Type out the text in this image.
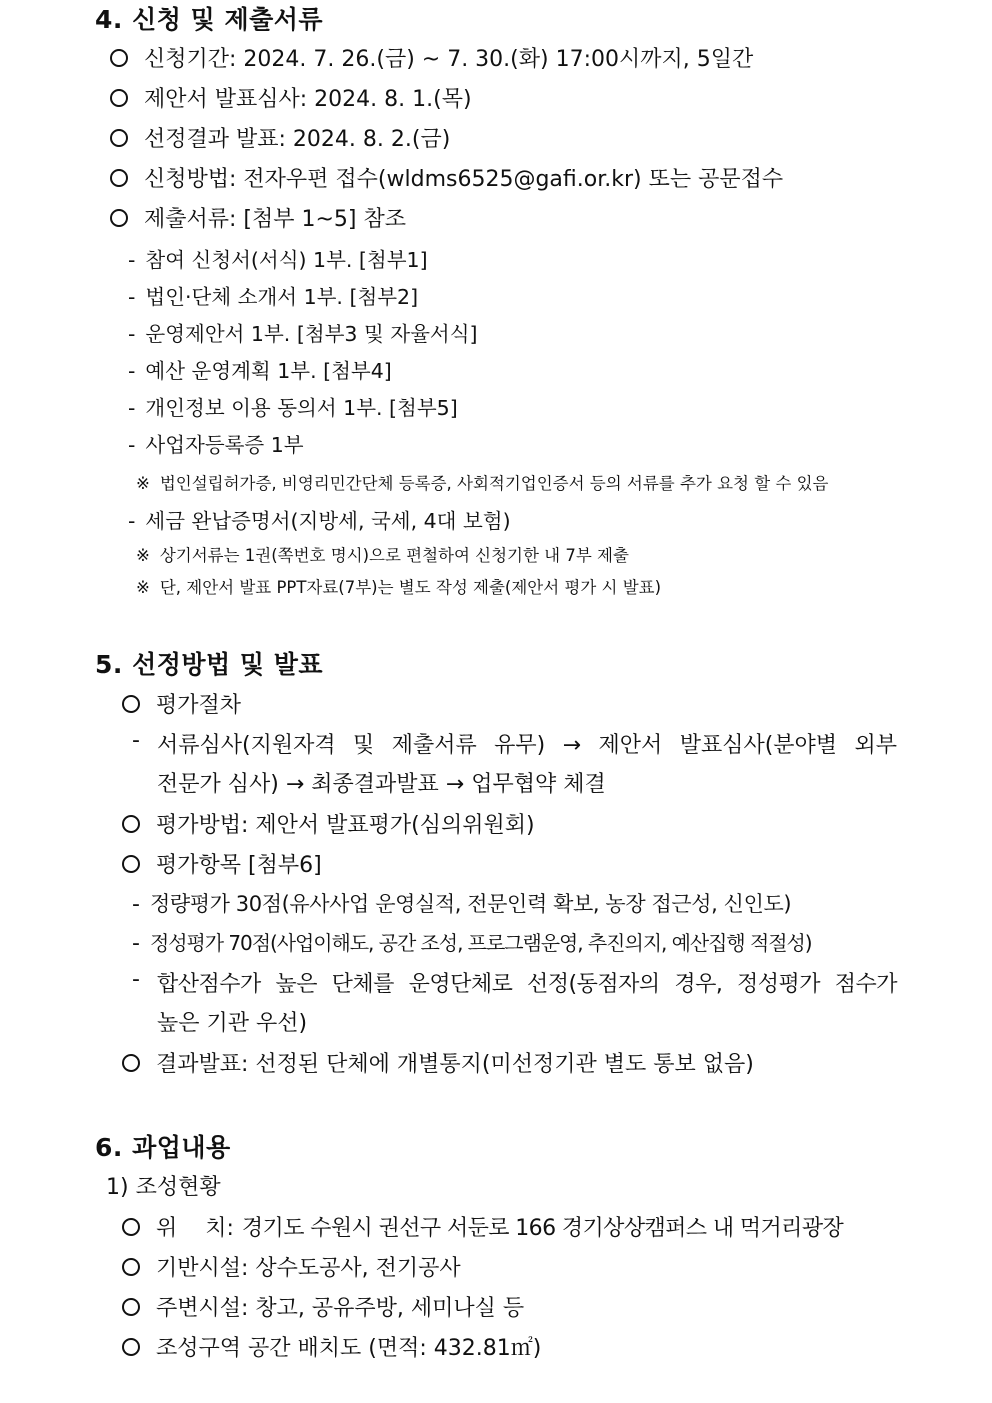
4. 신청 및 제출서류
신청기간: 2024. 7. 26.(금) ~ 7. 30.(화) 17:00시까지, 5일간
제안서 발표심사: 2024. 8. 1.(목)
선정결과 발표: 2024. 8. 2.(금)
신청방법: 전자우편 접수(wldms6525@gafi.or.kr) 또는 공문접수
제출서류: [첨부 1~5] 참조
- 참여 신청서(서식) 1부. [첨부1]
- 법인·단체 소개서 1부. [첨부2]
- 운영제안서 1부. [첨부3 및 자율서식]
- 예산 운영계획 1부. [첨부4]
- 개인정보 이용 동의서 1부. [첨부5]
- 사업자등록증 1부
※ 법인설립허가증, 비영리민간단체 등록증, 사회적기업인증서 등의 서류를 추가 요청 할 수 있음
- 세금 완납증명서(지방세, 국세, 4대 보험)
※ 상기서류는 1권(쪽번호 명시)으로 편철하여 신청기한 내 7부 제출
※ 단, 제안서 발표 PPT자료(7부)는 별도 작성 제출(제안서 평가 시 발표)
5. 선정방법 및 발표
평가절차
- 서류심사(지원자격 및 제출서류 유무) → 제안서 발표심사(분야별 외부
전문가 심사) → 최종결과발표 → 업무협약 체결
평가방법: 제안서 발표평가(심의위원회)
평가항목 [첨부6]
- 정량평가 30점(유사사업 운영실적, 전문인력 확보, 농장 접근성, 신인도)
- 정성평가 70점(사업이해도, 공간 조성, 프로그램운영, 추진의지, 예산집행 적절성)
- 합산점수가 높은 단체를 운영단체로 선정(동점자의 경우, 정성평가 점수가
높은 기관 우선)
결과발표: 선정된 단체에 개별통지(미선정기관 별도 통보 없음)
6. 과업내용
1) 조성현황
위    치: 경기도 수원시 권선구 서둔로 166 경기상상캠퍼스 내 먹거리광장
기반시설: 상수도공사, 전기공사
주변시설: 창고, 공유주방, 세미나실 등
조성구역 공간 배치도 (면적: 432.81㎡)
